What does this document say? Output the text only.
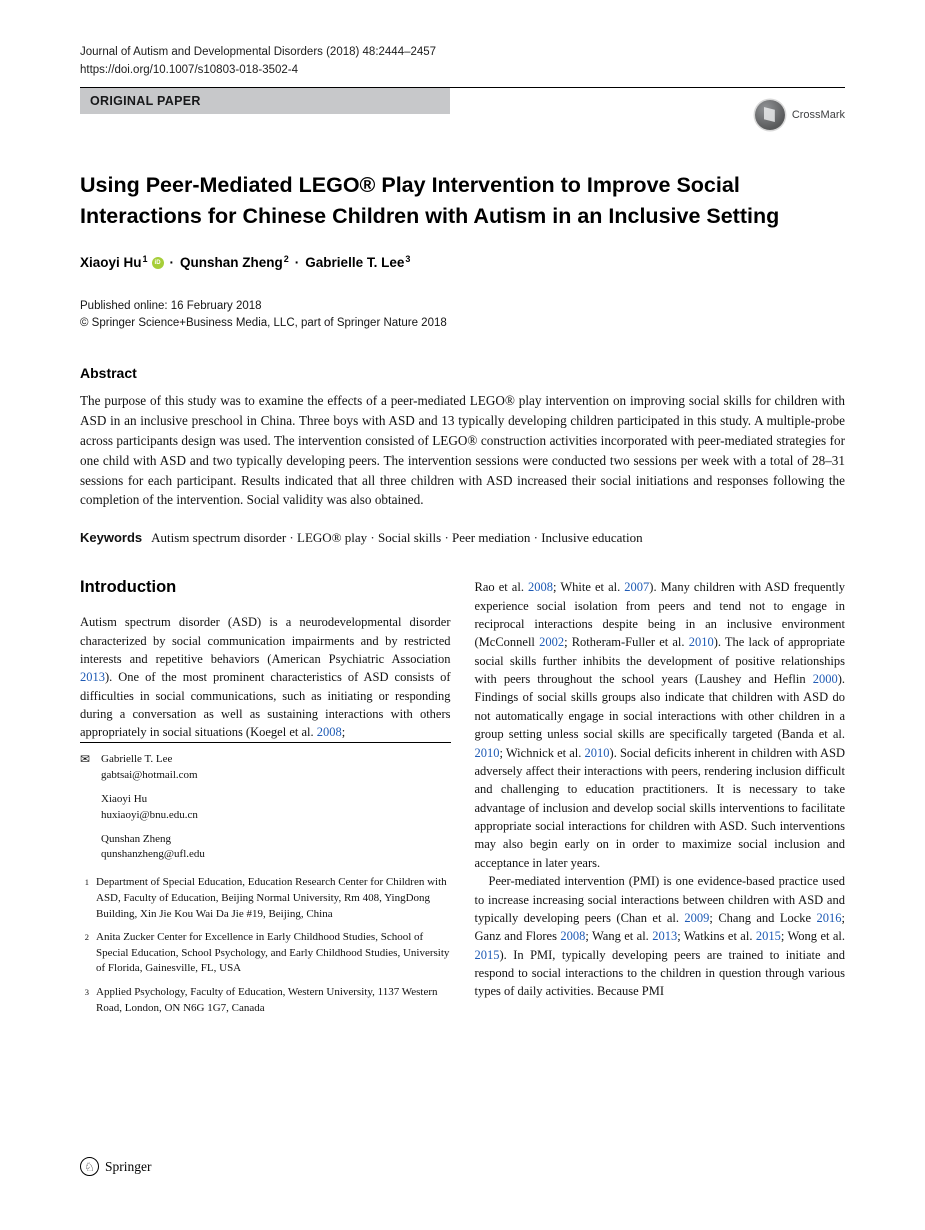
Journal of Autism and Developmental Disorders (2018) 48:2444–2457
https://doi.org/10.1007/s10803-018-3502-4
ORIGINAL PAPER
CrossMark
Using Peer-Mediated LEGO® Play Intervention to Improve Social Interactions for Chinese Children with Autism in an Inclusive Setting
Xiaoyi Hu$^1$ iD · Qunshan Zheng$^2$ · Gabrielle T. Lee$^3$
Published online: 16 February 2018
© Springer Science+Business Media, LLC, part of Springer Nature 2018
Abstract

The purpose of this study was to examine the effects of a peer-mediated LEGO® play intervention on improving social skills for children with ASD in an inclusive preschool in China. Three boys with ASD and 13 typically developing children participated in this study. A multiple-probe across participants design was used. The intervention consisted of LEGO® construction activities incorporated with peer-mediated strategies for one child with ASD and two typically developing peers. The intervention sessions were conducted two sessions per week with a total of 28–31 sessions for each participant. Results indicated that all three children with ASD increased their social initiations and responses following the completion of the intervention. Social validity was also obtained.

Keywords Autism spectrum disorder · LEGO® play · Social skills · Peer mediation · Inclusive education
Introduction

Autism spectrum disorder (ASD) is a neurodevelopmental disorder characterized by social communication impairments and by restricted interests and repetitive behaviors (American Psychiatric Association 2013). One of the most prominent characteristics of ASD consists of difficulties in social communications, such as initiating or responding during a conversation as well as sustaining interactions with others appropriately in social situations (Koegel et al. 2008;

✉ Gabrielle T. Lee
gabtsai@hotmail.com
Xiaoyi Hu
huxiaoyi@bnu.edu.cn
Qunshan Zheng
qunshanzheng@ufl.edu
1 Department of Special Education, Education Research Center for Children with ASD, Faculty of Education, Beijing Normal University, Rm 408, YingDong Building, Xin Jie Kou Wai Da Jie #19, Beijing, China
2 Anita Zucker Center for Excellence in Early Childhood Studies, School of Special Education, School Psychology, and Early Childhood Studies, University of Florida, Gainesville, FL, USA
3 Applied Psychology, Faculty of Education, Western University, 1137 Western Road, London, ON N6G 1G7, Canada

Rao et al. 2008; White et al. 2007). Many children with ASD frequently experience social isolation from peers and tend not to engage in reciprocal interactions despite being in an inclusive environment (McConnell 2002; Rotheram-Fuller et al. 2010). The lack of appropriate social skills further inhibits the development of positive relationships with peers throughout the school years (Laushey and Heflin 2000). Findings of social skills groups also indicate that children with ASD do not automatically engage in social interactions with other children in a group setting unless social skills are specifically targeted (Banda et al. 2010; Wichnick et al. 2010). Social deficits inherent in children with ASD adversely affect their interactions with peers, rendering inclusion difficult and challenging to education practitioners. It is necessary to take advantage of inclusion and develop social skills interventions to facilitate appropriate social interactions for children with ASD. Such interventions may also begin early on in order to maximize social inclusion and acceptance in later years.

Peer-mediated intervention (PMI) is one evidence-based practice used to increase increasing social interactions between children with ASD and typically developing peers (Chan et al. 2009; Chang and Locke 2016; Ganz and Flores 2008; Wang et al. 2013; Watkins et al. 2015; Wong et al. 2015). In PMI, typically developing peers are trained to initiate and respond to social interactions to the children in question through various types of daily activities. Because PMI

♘ Springer
